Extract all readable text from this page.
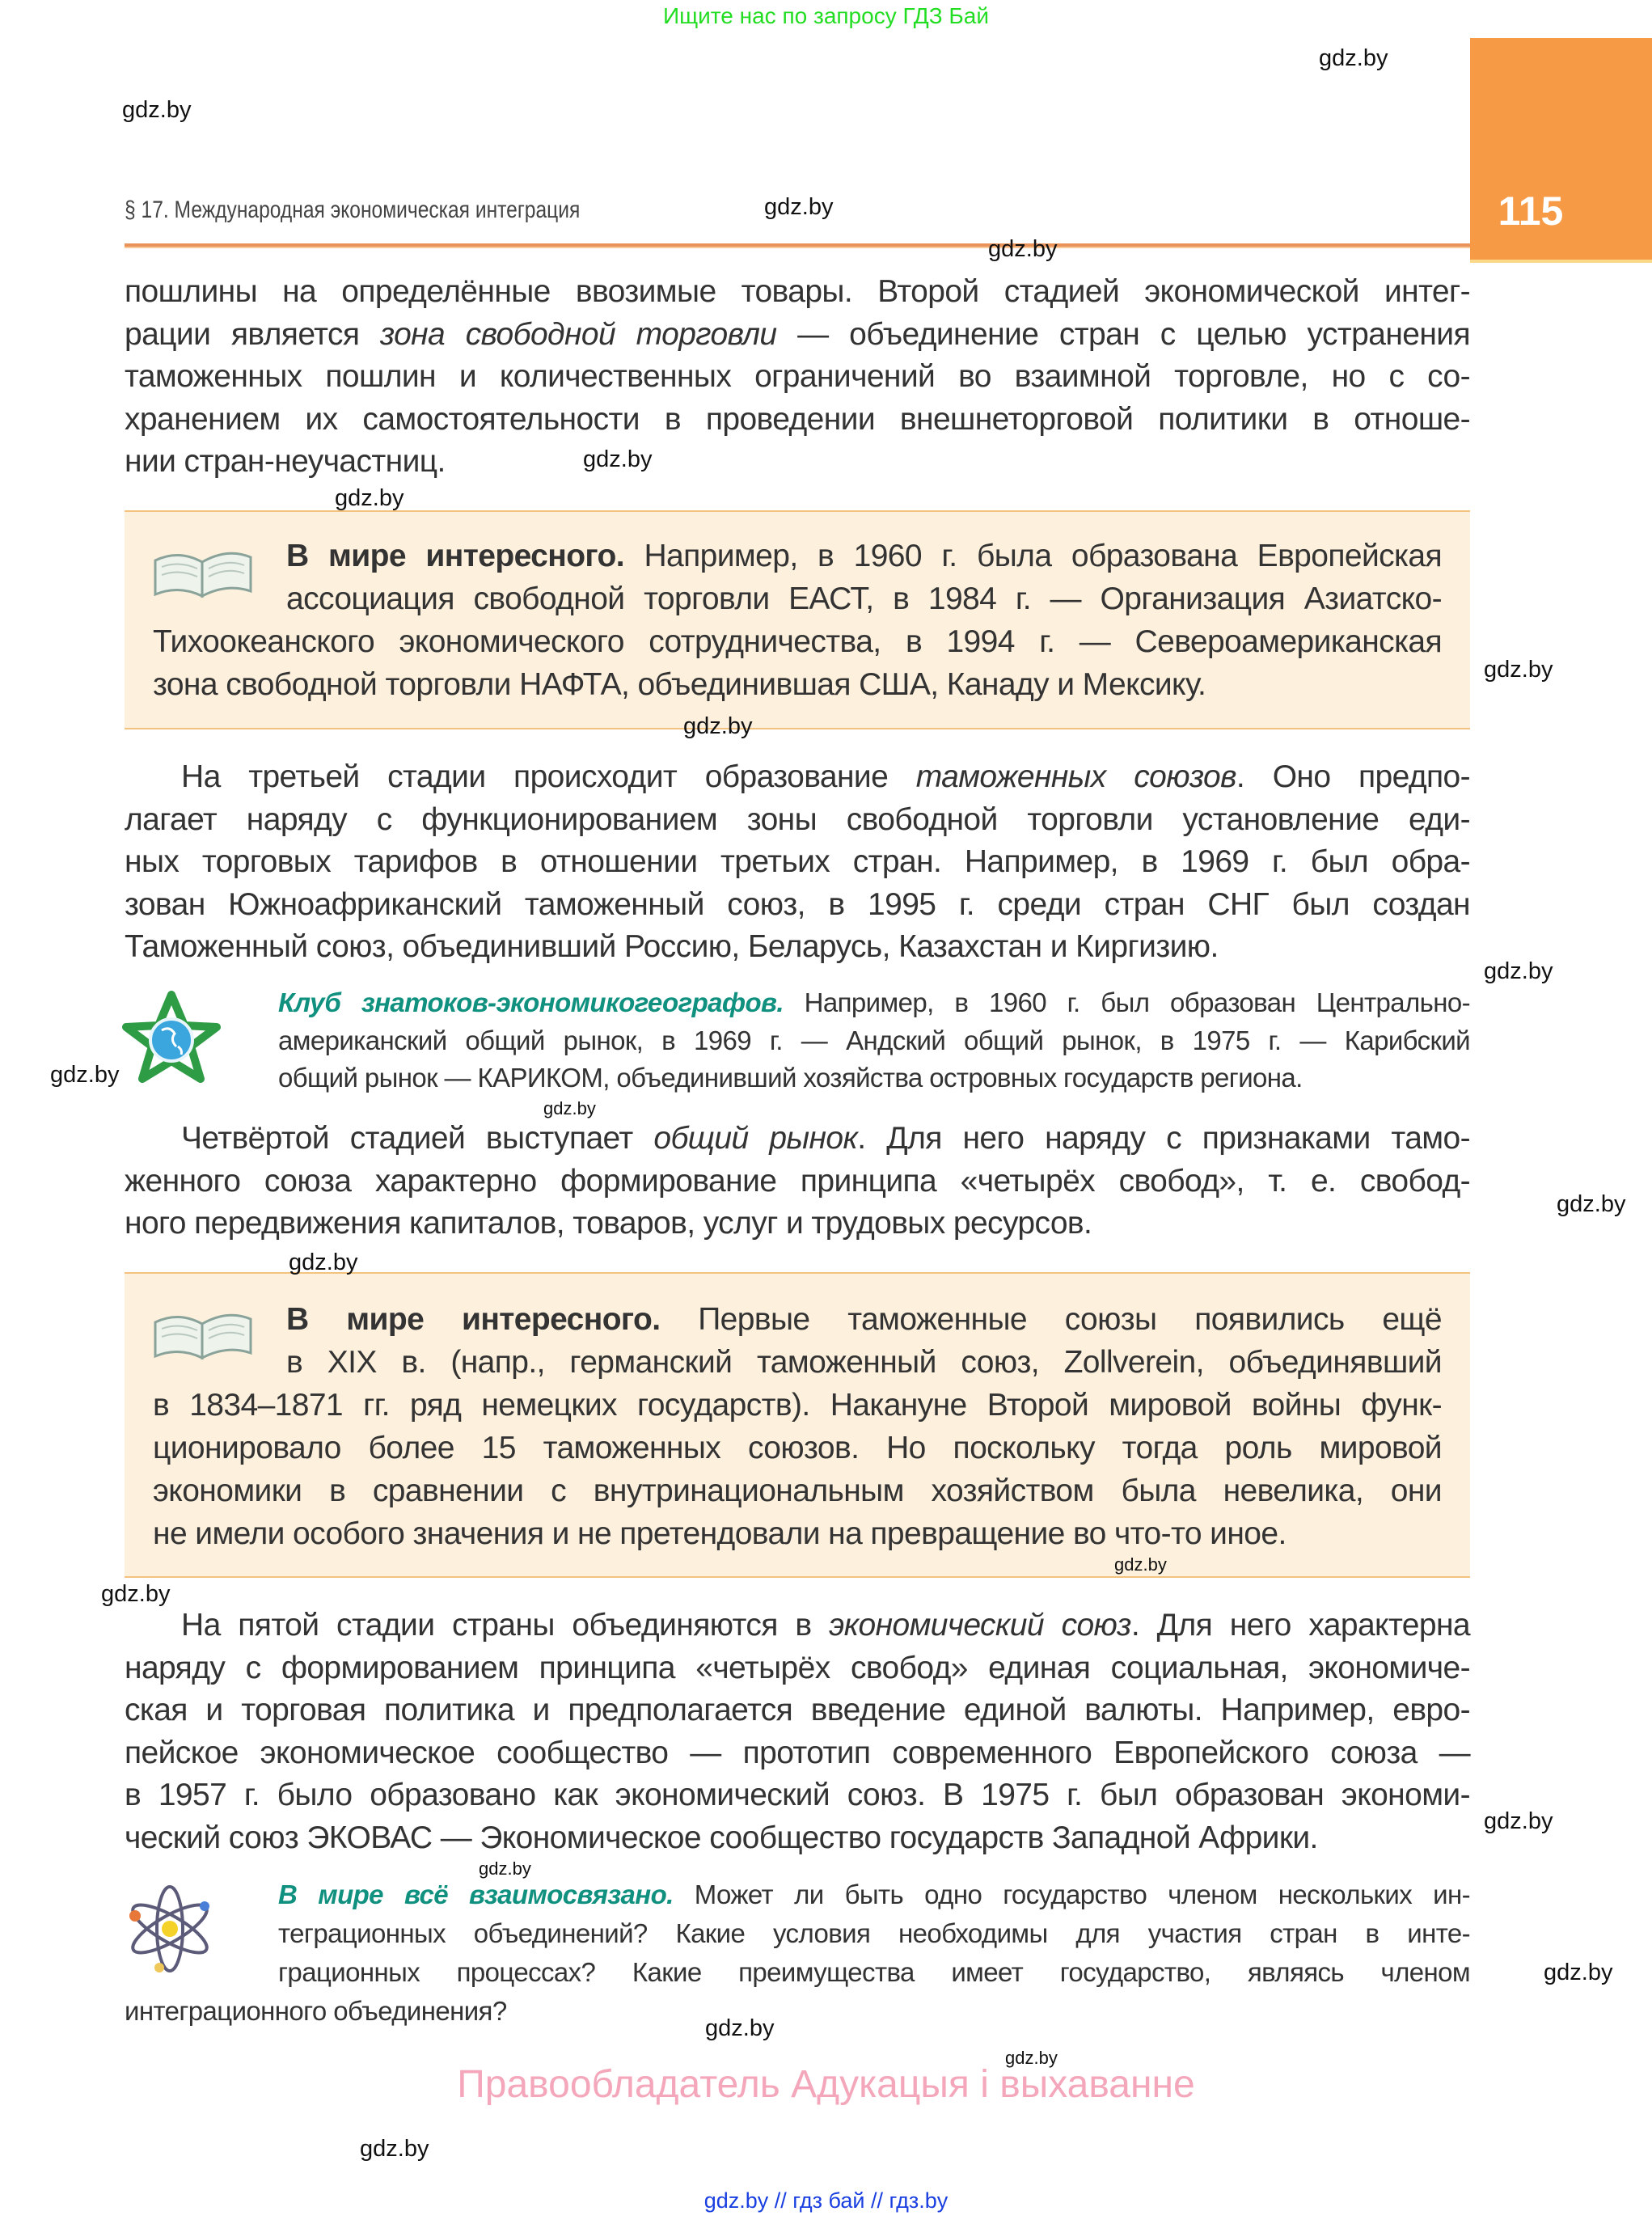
Ищите нас по запросу ГДЗ Бай
115
§ 17. Международная экономическая интеграция
пошлины на определённые ввозимые товары. Второй стадией экономической интег-
рации является зона свободной торговли — объединение стран с целью устранения
таможенных пошлин и количественных ограничений во взаимной торговле, но с со-
хранением их самостоятельности в проведении внешнеторговой политики в отноше-
нии стран-неучастниц.
В мире интересного. Например, в 1960 г. была образована Европейская
ассоциация свободной торговли ЕАСТ, в 1984 г. — Организация Азиатско-
Тихоокеанского экономического сотрудничества, в 1994 г. — Североамериканская
зона свободной торговли НАФТА, объединившая США, Канаду и Мексику.
На третьей стадии происходит образование таможенных союзов. Оно предпо-
лагает наряду с функционированием зоны свободной торговли установление еди-
ных торговых тарифов в отношении третьих стран. Например, в 1969 г. был обра-
зован Южноафриканский таможенный союз, в 1995 г. среди стран СНГ был создан
Таможенный союз, объединивший Россию, Беларусь, Казахстан и Киргизию.
Клуб знатоков-экономикогеографов. Например, в 1960 г. был образован Центрально-
американский общий рынок, в 1969 г. — Андский общий рынок, в 1975 г. — Карибский
общий рынок — КАРИКОМ, объединивший хозяйства островных государств региона.
Четвёртой стадией выступает общий рынок. Для него наряду с признаками тамо-
женного союза характерно формирование принципа «четырёх свобод», т. е. свобод-
ного передвижения капиталов, товаров, услуг и трудовых ресурсов.
В мире интересного. Первые таможенные союзы появились ещё
в XIX в. (напр., германский таможенный союз, Zollverein, объединявший
в 1834–1871 гг. ряд немецких государств). Накануне Второй мировой войны функ-
ционировало более 15 таможенных союзов. Но поскольку тогда роль мировой
экономики в сравнении с внутринациональным хозяйством была невелика, они
не имели особого значения и не претендовали на превращение во что-то иное.
На пятой стадии страны объединяются в экономический союз. Для него характерна
наряду с формированием принципа «четырёх свобод» единая социальная, экономиче-
ская и торговая политика и предполагается введение единой валюты. Например, евро-
пейское экономическое сообщество — прототип современного Европейского союза —
в 1957 г. было образовано как экономический союз. В 1975 г. был образован экономи-
ческий союз ЭКОВАС — Экономическое сообщество государств Западной Африки.
В мире всё взаимосвязано. Может ли быть одно государство членом нескольких ин-
теграционных объединений? Какие условия необходимы для участия стран в инте-
грационных процессах? Какие преимущества имеет государство, являясь членом
интеграционного объединения?
gdz.by
gdz.by
gdz.by
gdz.by
gdz.by
gdz.by
gdz.by
gdz.by
gdz.by
gdz.by
gdz.by
gdz.by
gdz.by
gdz.by
gdz.by
gdz.by
gdz.by
gdz.by
gdz.by
gdz.by
gdz.by
Правообладатель Адукацыя і выхаванне
gdz.by // гдз бай // гдз.by
